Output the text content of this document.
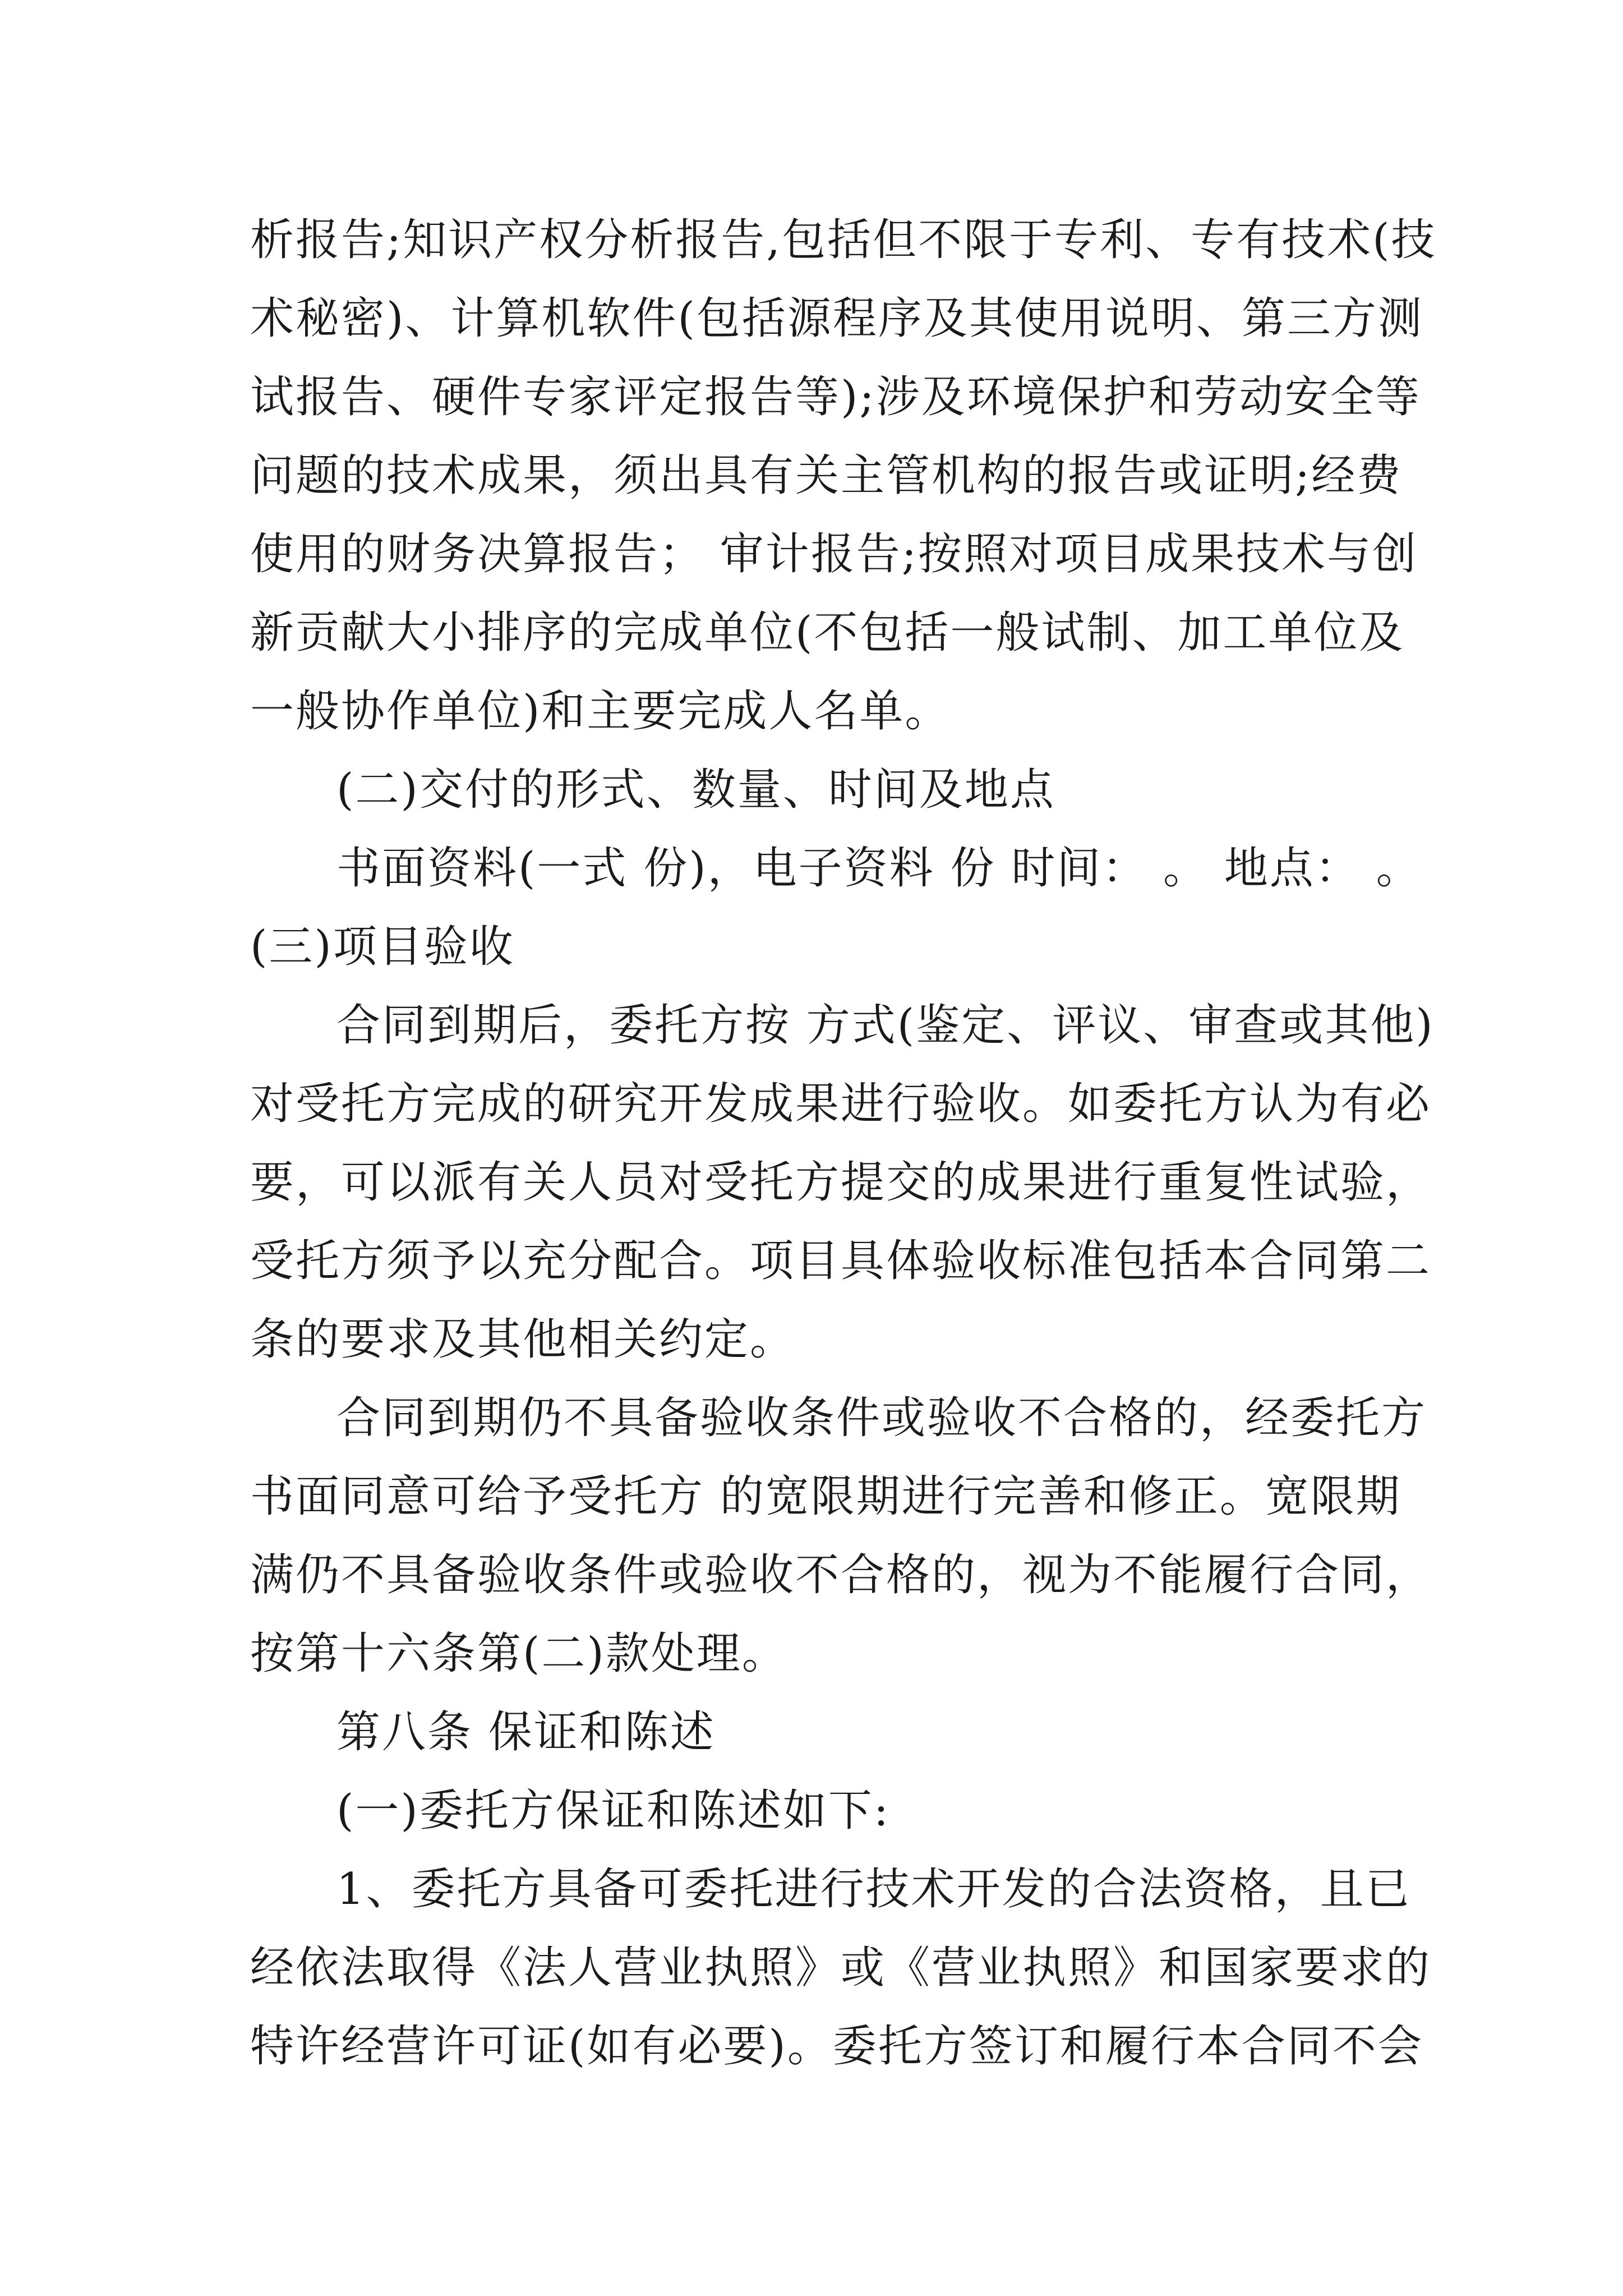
析报告;知识产权分析报告,包括但不限于专利、专有技术(技
术秘密)、计算机软件(包括源程序及其使用说明、第三方测
试报告、硬件专家评定报告等);涉及环境保护和劳动安全等
问题的技术成果，须出具有关主管机构的报告或证明;经费
使用的财务决算报告； 审计报告;按照对项目成果技术与创
新贡献大小排序的完成单位(不包括一般试制、加工单位及
一般协作单位)和主要完成人名单。
(二)交付的形式、数量、时间及地点
书面资料(一式 份)，电子资料 份 时间： 。 地点： 。
(三)项目验收
合同到期后，委托方按 方式(鉴定、评议、审查或其他)
对受托方完成的研究开发成果进行验收。如委托方认为有必
要，可以派有关人员对受托方提交的成果进行重复性试验，
受托方须予以充分配合。项目具体验收标准包括本合同第二
条的要求及其他相关约定。
合同到期仍不具备验收条件或验收不合格的，经委托方
书面同意可给予受托方 的宽限期进行完善和修正。宽限期
满仍不具备验收条件或验收不合格的，视为不能履行合同，
按第十六条第(二)款处理。
第八条 保证和陈述
(一)委托方保证和陈述如下:
1、委托方具备可委托进行技术开发的合法资格，且已
经依法取得《法人营业执照》或《营业执照》和国家要求的
特许经营许可证(如有必要)。委托方签订和履行本合同不会
